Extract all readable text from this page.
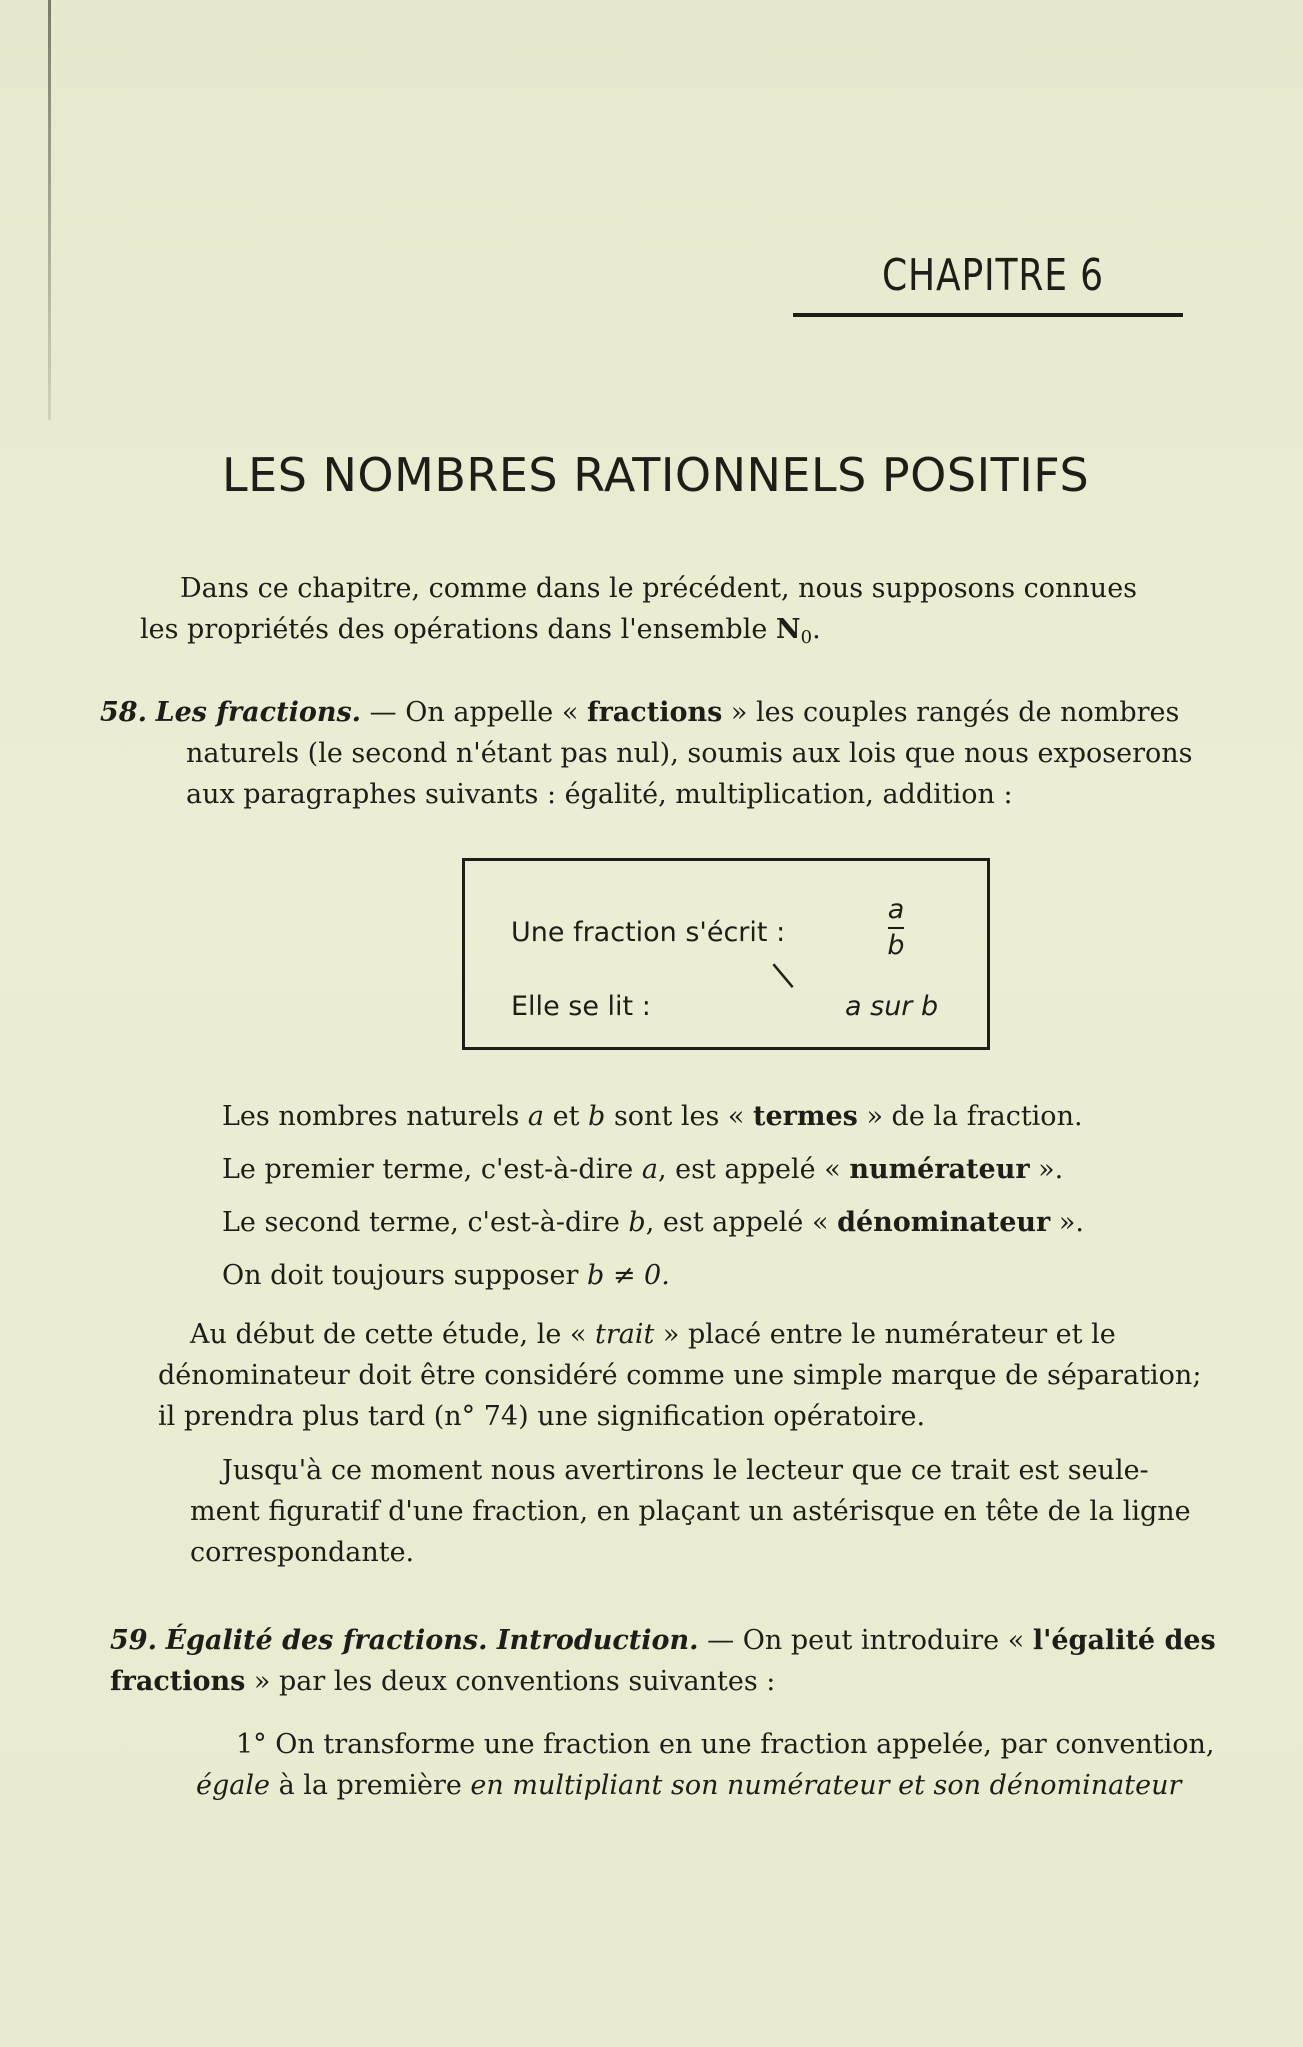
CHAPITRE 6
LES NOMBRES RATIONNELS POSITIFS
Dans ce chapitre, comme dans le précédent, nous supposons connues
les propriétés des opérations dans l'ensemble $N_0$.
58. Les fractions. — On appelle « fractions » les couples rangés de nombres
naturels (le second n'étant pas nul), soumis aux lois que nous exposerons
aux paragraphes suivants : égalité, multiplication, addition :
Une fraction s'écrit :
a
b
|
Elle se lit :	a sur b
Les nombres naturels a et b sont les « termes » de la fraction.
Le premier terme, c'est-à-dire a, est appelé « numérateur ».
Le second terme, c'est-à-dire b, est appelé « dénominateur ».
On doit toujours supposer b ≠ 0.
Au début de cette étude, le « trait » placé entre le numérateur et le
dénominateur doit être considéré comme une simple marque de séparation;
il prendra plus tard (n° 74) une signification opératoire.
Jusqu'à ce moment nous avertirons le lecteur que ce trait est seule-
ment figuratif d'une fraction, en plaçant un astérisque en tête de la ligne
correspondante.
59. Égalité des fractions. Introduction. — On peut introduire « l'égalité des fractions » par les deux conventions suivantes :
1° On transforme une fraction en une fraction appelée, par convention,
égale à la première en multipliant son numérateur et son dénominateur
